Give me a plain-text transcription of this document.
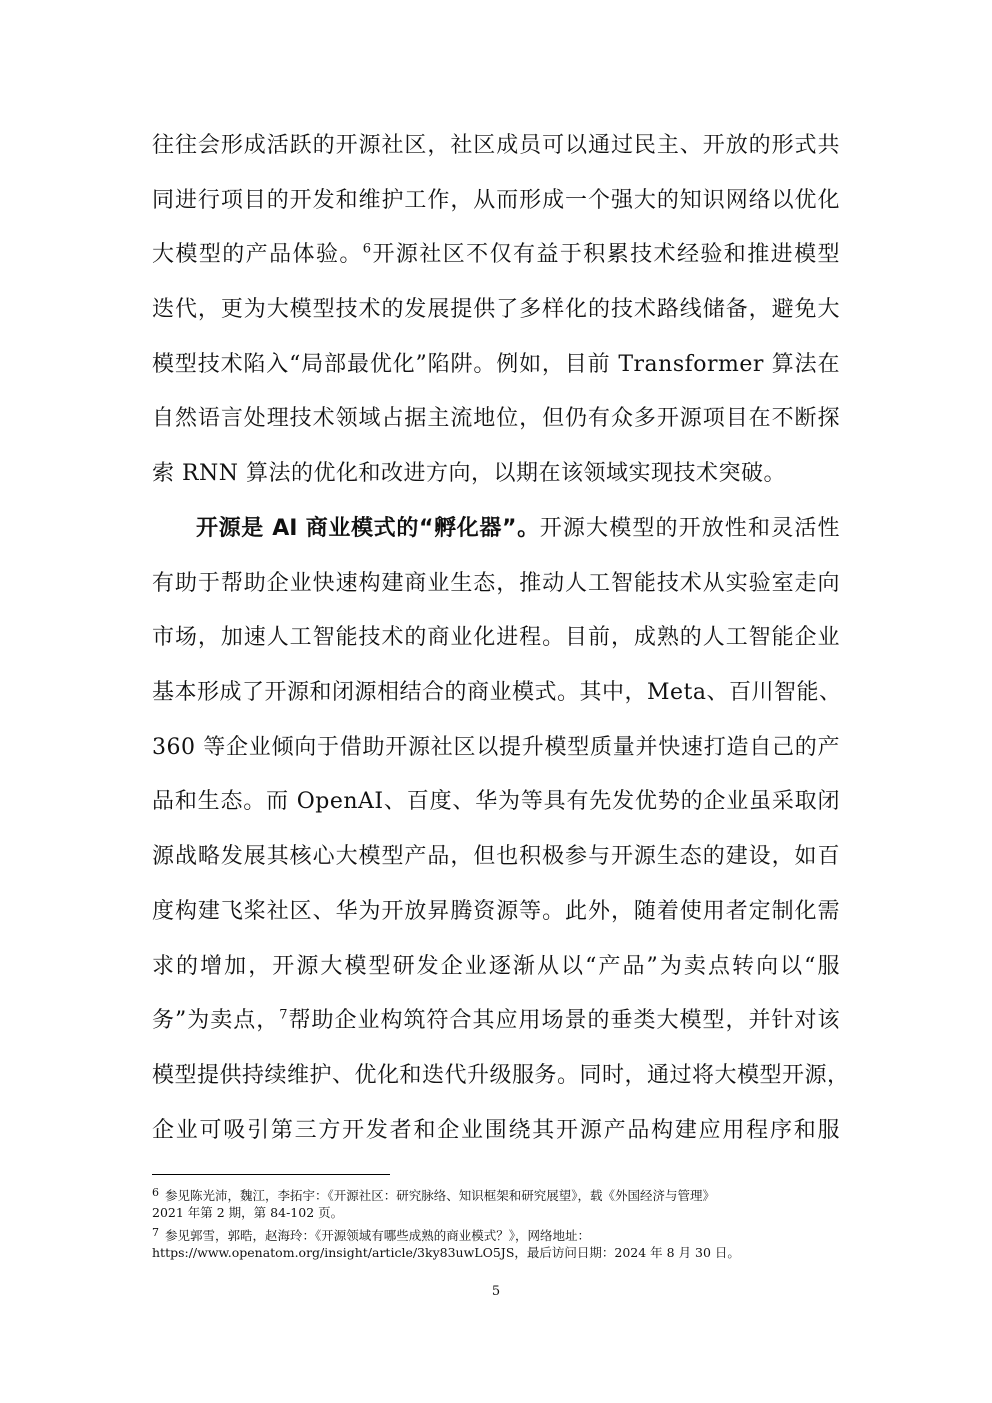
往往会形成活跃的开源社区，社区成员可以通过民主、开放的形式共
同进行项目的开发和维护工作，从而形成一个强大的知识网络以优化
大模型的产品体验。$^6$开源社区不仅有益于积累技术经验和推进模型
迭代，更为大模型技术的发展提供了多样化的技术路线储备，避免大
模型技术陷入“局部最优化”陷阱。例如，目前 Transformer 算法在
自然语言处理技术领域占据主流地位，但仍有众多开源项目在不断探
索 RNN 算法的优化和改进方向，以期在该领域实现技术突破。
开源是 AI 商业模式的“孵化器”。开源大模型的开放性和灵活性
有助于帮助企业快速构建商业生态，推动人工智能技术从实验室走向
市场，加速人工智能技术的商业化进程。目前，成熟的人工智能企业
基本形成了开源和闭源相结合的商业模式。其中，Meta、百川智能、
360 等企业倾向于借助开源社区以提升模型质量并快速打造自己的产
品和生态。而 OpenAI、百度、华为等具有先发优势的企业虽采取闭
源战略发展其核心大模型产品，但也积极参与开源生态的建设，如百
度构建飞桨社区、华为开放昇腾资源等。此外，随着使用者定制化需
求的增加，开源大模型研发企业逐渐从以“产品”为卖点转向以“服
务”为卖点，$^7$帮助企业构筑符合其应用场景的垂类大模型，并针对该
模型提供持续维护、优化和迭代升级服务。同时，通过将大模型开源，
企业可吸引第三方开发者和企业围绕其开源产品构建应用程序和服
6 参见陈光沛，魏江，李拓宇：《开源社区：研究脉络、知识框架和研究展望》，载《外国经济与管理》
2021 年第 2 期，第 84-102 页。
7 参见郭雪，郭晧，赵海玲：《开源领域有哪些成熟的商业模式？》，网络地址：
https://www.openatom.org/insight/article/3ky83uwLO5JS，最后访问日期：2024 年 8 月 30 日。
5
